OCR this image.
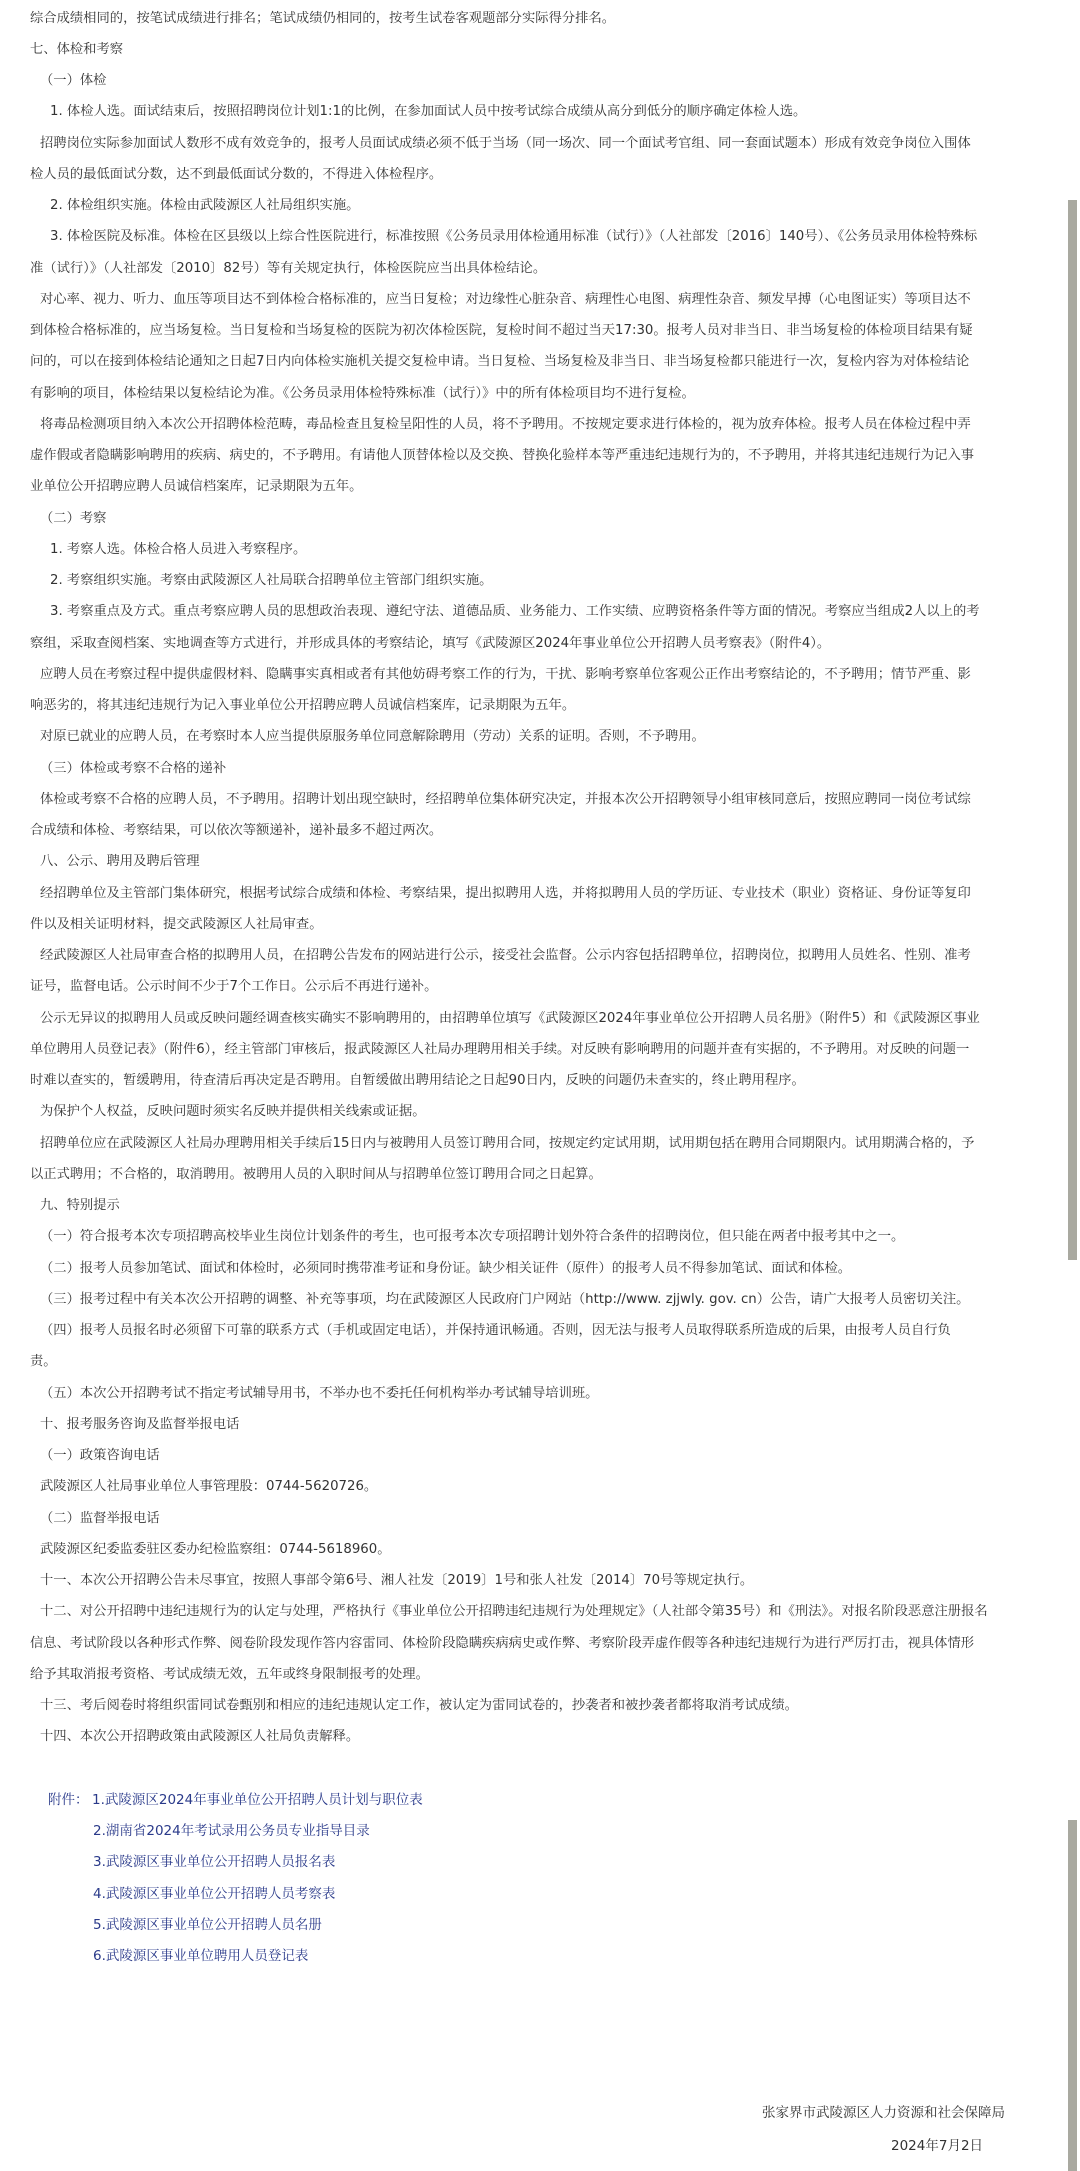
综合成绩相同的，按笔试成绩进行排名；笔试成绩仍相同的，按考生试卷客观题部分实际得分排名。
七、体检和考察
（一）体检
1. 体检人选。面试结束后，按照招聘岗位计划1:1的比例，在参加面试人员中按考试综合成绩从高分到低分的顺序确定体检人选。
招聘岗位实际参加面试人数形不成有效竞争的，报考人员面试成绩必须不低于当场（同一场次、同一个面试考官组、同一套面试题本）形成有效竞争岗位入围体
检人员的最低面试分数，达不到最低面试分数的，不得进入体检程序。
2. 体检组织实施。体检由武陵源区人社局组织实施。
3. 体检医院及标准。体检在区县级以上综合性医院进行，标准按照《公务员录用体检通用标准（试行）》（人社部发〔2016〕140号）、《公务员录用体检特殊标
准（试行）》（人社部发〔2010〕82号）等有关规定执行，体检医院应当出具体检结论。
对心率、视力、听力、血压等项目达不到体检合格标准的，应当日复检；对边缘性心脏杂音、病理性心电图、病理性杂音、频发早搏（心电图证实）等项目达不
到体检合格标准的，应当场复检。当日复检和当场复检的医院为初次体检医院，复检时间不超过当天17:30。报考人员对非当日、非当场复检的体检项目结果有疑
问的，可以在接到体检结论通知之日起7日内向体检实施机关提交复检申请。当日复检、当场复检及非当日、非当场复检都只能进行一次，复检内容为对体检结论
有影响的项目，体检结果以复检结论为准。《公务员录用体检特殊标准（试行）》中的所有体检项目均不进行复检。
将毒品检测项目纳入本次公开招聘体检范畴，毒品检查且复检呈阳性的人员，将不予聘用。不按规定要求进行体检的，视为放弃体检。报考人员在体检过程中弄
虚作假或者隐瞒影响聘用的疾病、病史的，不予聘用。有请他人顶替体检以及交换、替换化验样本等严重违纪违规行为的，不予聘用，并将其违纪违规行为记入事
业单位公开招聘应聘人员诚信档案库，记录期限为五年。
（二）考察
1. 考察人选。体检合格人员进入考察程序。
2. 考察组织实施。考察由武陵源区人社局联合招聘单位主管部门组织实施。
3. 考察重点及方式。重点考察应聘人员的思想政治表现、遵纪守法、道德品质、业务能力、工作实绩、应聘资格条件等方面的情况。考察应当组成2人以上的考
察组，采取查阅档案、实地调查等方式进行，并形成具体的考察结论，填写《武陵源区2024年事业单位公开招聘人员考察表》（附件4）。
应聘人员在考察过程中提供虚假材料、隐瞒事实真相或者有其他妨碍考察工作的行为，干扰、影响考察单位客观公正作出考察结论的，不予聘用；情节严重、影
响恶劣的，将其违纪违规行为记入事业单位公开招聘应聘人员诚信档案库，记录期限为五年。
对原已就业的应聘人员，在考察时本人应当提供原服务单位同意解除聘用（劳动）关系的证明。否则，不予聘用。
（三）体检或考察不合格的递补
体检或考察不合格的应聘人员，不予聘用。招聘计划出现空缺时，经招聘单位集体研究决定，并报本次公开招聘领导小组审核同意后，按照应聘同一岗位考试综
合成绩和体检、考察结果，可以依次等额递补，递补最多不超过两次。
八、公示、聘用及聘后管理
经招聘单位及主管部门集体研究，根据考试综合成绩和体检、考察结果，提出拟聘用人选，并将拟聘用人员的学历证、专业技术（职业）资格证、身份证等复印
件以及相关证明材料，提交武陵源区人社局审查。
经武陵源区人社局审查合格的拟聘用人员，在招聘公告发布的网站进行公示，接受社会监督。公示内容包括招聘单位，招聘岗位，拟聘用人员姓名、性别、准考
证号，监督电话。公示时间不少于7个工作日。公示后不再进行递补。
公示无异议的拟聘用人员或反映问题经调查核实确实不影响聘用的，由招聘单位填写《武陵源区2024年事业单位公开招聘人员名册》（附件5）和《武陵源区事业
单位聘用人员登记表》（附件6），经主管部门审核后，报武陵源区人社局办理聘用相关手续。对反映有影响聘用的问题并查有实据的，不予聘用。对反映的问题一
时难以查实的，暂缓聘用，待查清后再决定是否聘用。自暂缓做出聘用结论之日起90日内，反映的问题仍未查实的，终止聘用程序。
为保护个人权益，反映问题时须实名反映并提供相关线索或证据。
招聘单位应在武陵源区人社局办理聘用相关手续后15日内与被聘用人员签订聘用合同，按规定约定试用期，试用期包括在聘用合同期限内。试用期满合格的，予
以正式聘用；不合格的，取消聘用。被聘用人员的入职时间从与招聘单位签订聘用合同之日起算。
九、特别提示
（一）符合报考本次专项招聘高校毕业生岗位计划条件的考生，也可报考本次专项招聘计划外符合条件的招聘岗位，但只能在两者中报考其中之一。
（二）报考人员参加笔试、面试和体检时，必须同时携带准考证和身份证。缺少相关证件（原件）的报考人员不得参加笔试、面试和体检。
（三）报考过程中有关本次公开招聘的调整、补充等事项，均在武陵源区人民政府门户网站（http://www. zjjwly. gov. cn）公告，请广大报考人员密切关注。
（四）报考人员报名时必须留下可靠的联系方式（手机或固定电话），并保持通讯畅通。否则，因无法与报考人员取得联系所造成的后果，由报考人员自行负
责。
（五）本次公开招聘考试不指定考试辅导用书，不举办也不委托任何机构举办考试辅导培训班。
十、报考服务咨询及监督举报电话
（一）政策咨询电话
武陵源区人社局事业单位人事管理股：0744-5620726。
（二）监督举报电话
武陵源区纪委监委驻区委办纪检监察组：0744-5618960。
十一、本次公开招聘公告未尽事宜，按照人事部令第6号、湘人社发〔2019〕1号和张人社发〔2014〕70号等规定执行。
十二、对公开招聘中违纪违规行为的认定与处理，严格执行《事业单位公开招聘违纪违规行为处理规定》（人社部令第35号）和《刑法》。对报名阶段恶意注册报名
信息、考试阶段以各种形式作弊、阅卷阶段发现作答内容雷同、体检阶段隐瞒疾病病史或作弊、考察阶段弄虚作假等各种违纪违规行为进行严厉打击，视具体情形
给予其取消报考资格、考试成绩无效，五年或终身限制报考的处理。
十三、考后阅卷时将组织雷同试卷甄别和相应的违纪违规认定工作，被认定为雷同试卷的，抄袭者和被抄袭者都将取消考试成绩。
十四、本次公开招聘政策由武陵源区人社局负责解释。
附件： 1.武陵源区2024年事业单位公开招聘人员计划与职位表
2.湖南省2024年考试录用公务员专业指导目录
3.武陵源区事业单位公开招聘人员报名表
4.武陵源区事业单位公开招聘人员考察表
5.武陵源区事业单位公开招聘人员名册
6.武陵源区事业单位聘用人员登记表
张家界市武陵源区人力资源和社会保障局
2024年7月2日
